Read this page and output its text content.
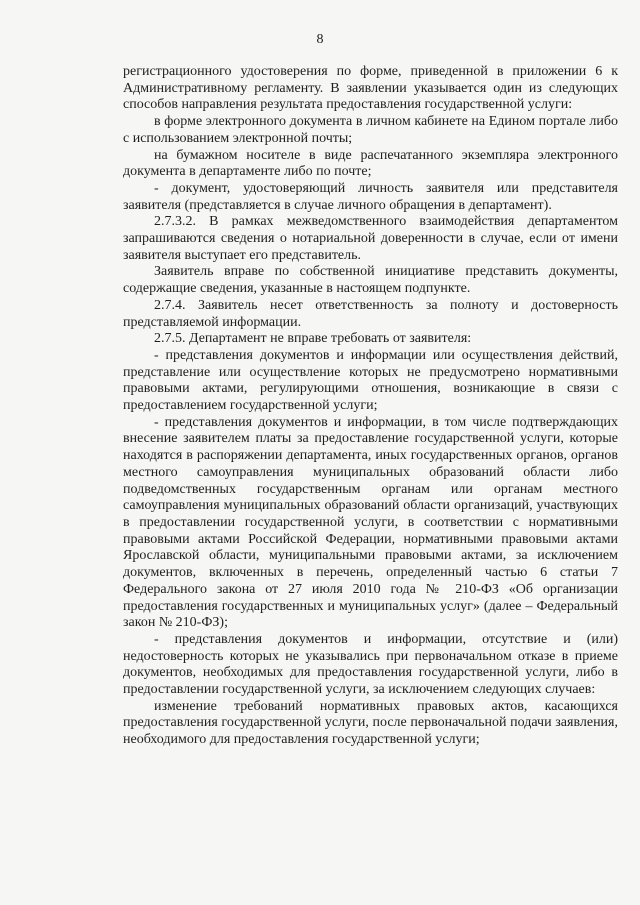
8

регистрационного удостоверения по форме, приведенной в приложении 6 к Административному регламенту. В заявлении указывается один из следующих способов направления результата предоставления государственной услуги:

в форме электронного документа в личном кабинете на Едином портале либо с использованием электронной почты;

на бумажном носителе в виде распечатанного экземпляра электронного документа в департаменте либо по почте;

- документ, удостоверяющий личность заявителя или представителя заявителя (представляется в случае личного обращения в департамент).

2.7.3.2. В рамках межведомственного взаимодействия департаментом запрашиваются сведения о нотариальной доверенности в случае, если от имени заявителя выступает его представитель.

Заявитель вправе по собственной инициативе представить документы, содержащие сведения, указанные в настоящем подпункте.

2.7.4. Заявитель несет ответственность за полноту и достоверность представляемой информации.

2.7.5. Департамент не вправе требовать от заявителя:

- представления документов и информации или осуществления действий, представление или осуществление которых не предусмотрено нормативными правовыми актами, регулирующими отношения, возникающие в связи с предоставлением государственной услуги;

- представления документов и информации, в том числе подтверждающих внесение заявителем платы за предоставление государственной услуги, которые находятся в распоряжении департамента, иных государственных органов, органов местного самоуправления муниципальных образований области либо подведомственных государственным органам или органам местного самоуправления муниципальных образований области организаций, участвующих в предоставлении государственной услуги, в соответствии с нормативными правовыми актами Российской Федерации, нормативными правовыми актами Ярославской области, муниципальными правовыми актами, за исключением документов, включенных в перечень, определенный частью 6 статьи 7 Федерального закона от 27 июля 2010 года № 210-ФЗ «Об организации предоставления государственных и муниципальных услуг» (далее – Федеральный закон № 210-ФЗ);

- представления документов и информации, отсутствие и (или) недостоверность которых не указывались при первоначальном отказе в приеме документов, необходимых для предоставления государственной услуги, либо в предоставлении государственной услуги, за исключением следующих случаев:

изменение требований нормативных правовых актов, касающихся предоставления государственной услуги, после первоначальной подачи заявления, необходимого для предоставления государственной услуги;
